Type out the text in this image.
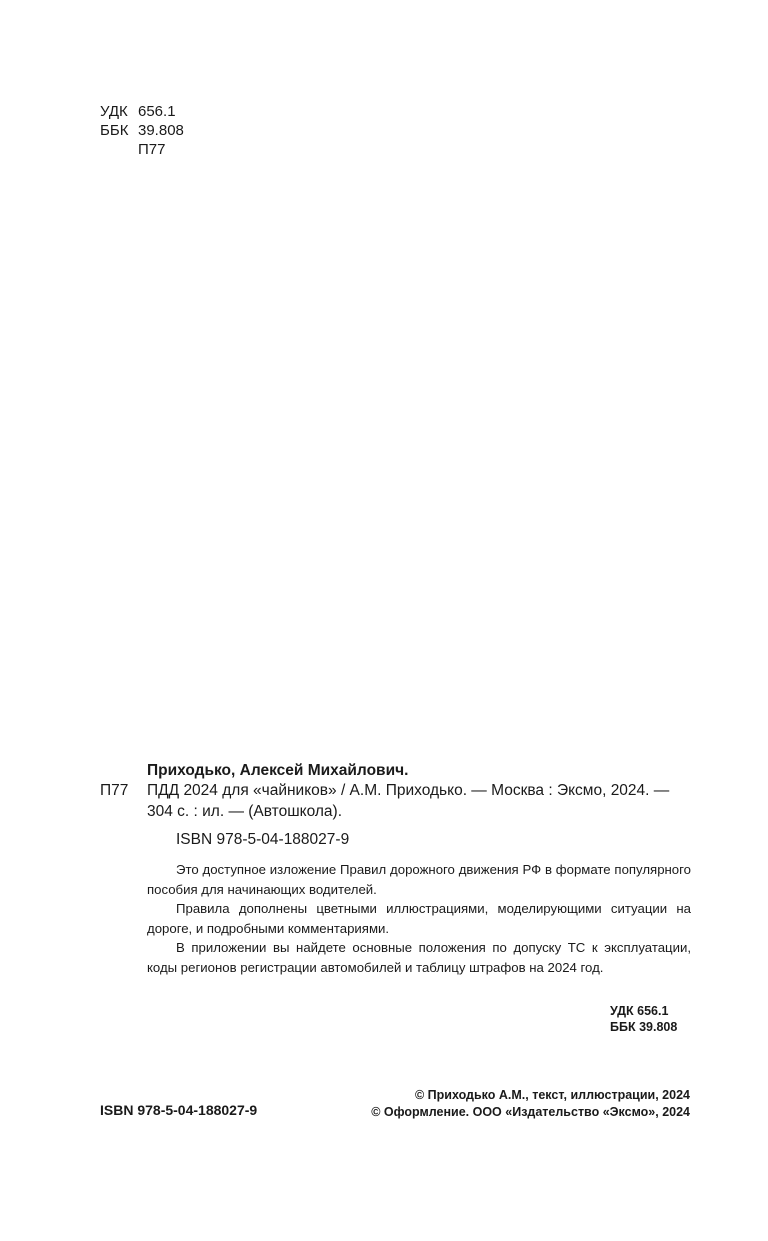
УДК 656.1
ББК 39.808
П77
Приходько, Алексей Михайлович.
П77 ПДД 2024 для «чайников» / А.М. Приходько. — Москва : Эксмо, 2024. — 304 с. : ил. — (Автошкола).
ISBN 978-5-04-188027-9

Это доступное изложение Правил дорожного движения РФ в формате популярного пособия для начинающих водителей.

Правила дополнены цветными иллюстрациями, моделирующими ситуации на дороге, и подробными комментариями.

В приложении вы найдете основные положения по допуску ТС к эксплуатации, коды регионов регистрации автомобилей и таблицу штрафов на 2024 год.

УДК 656.1
ББК 39.808
ISBN 978-5-04-188027-9
© Приходько А.М., текст, иллюстрации, 2024
© Оформление. ООО «Издательство «Эксмо», 2024
